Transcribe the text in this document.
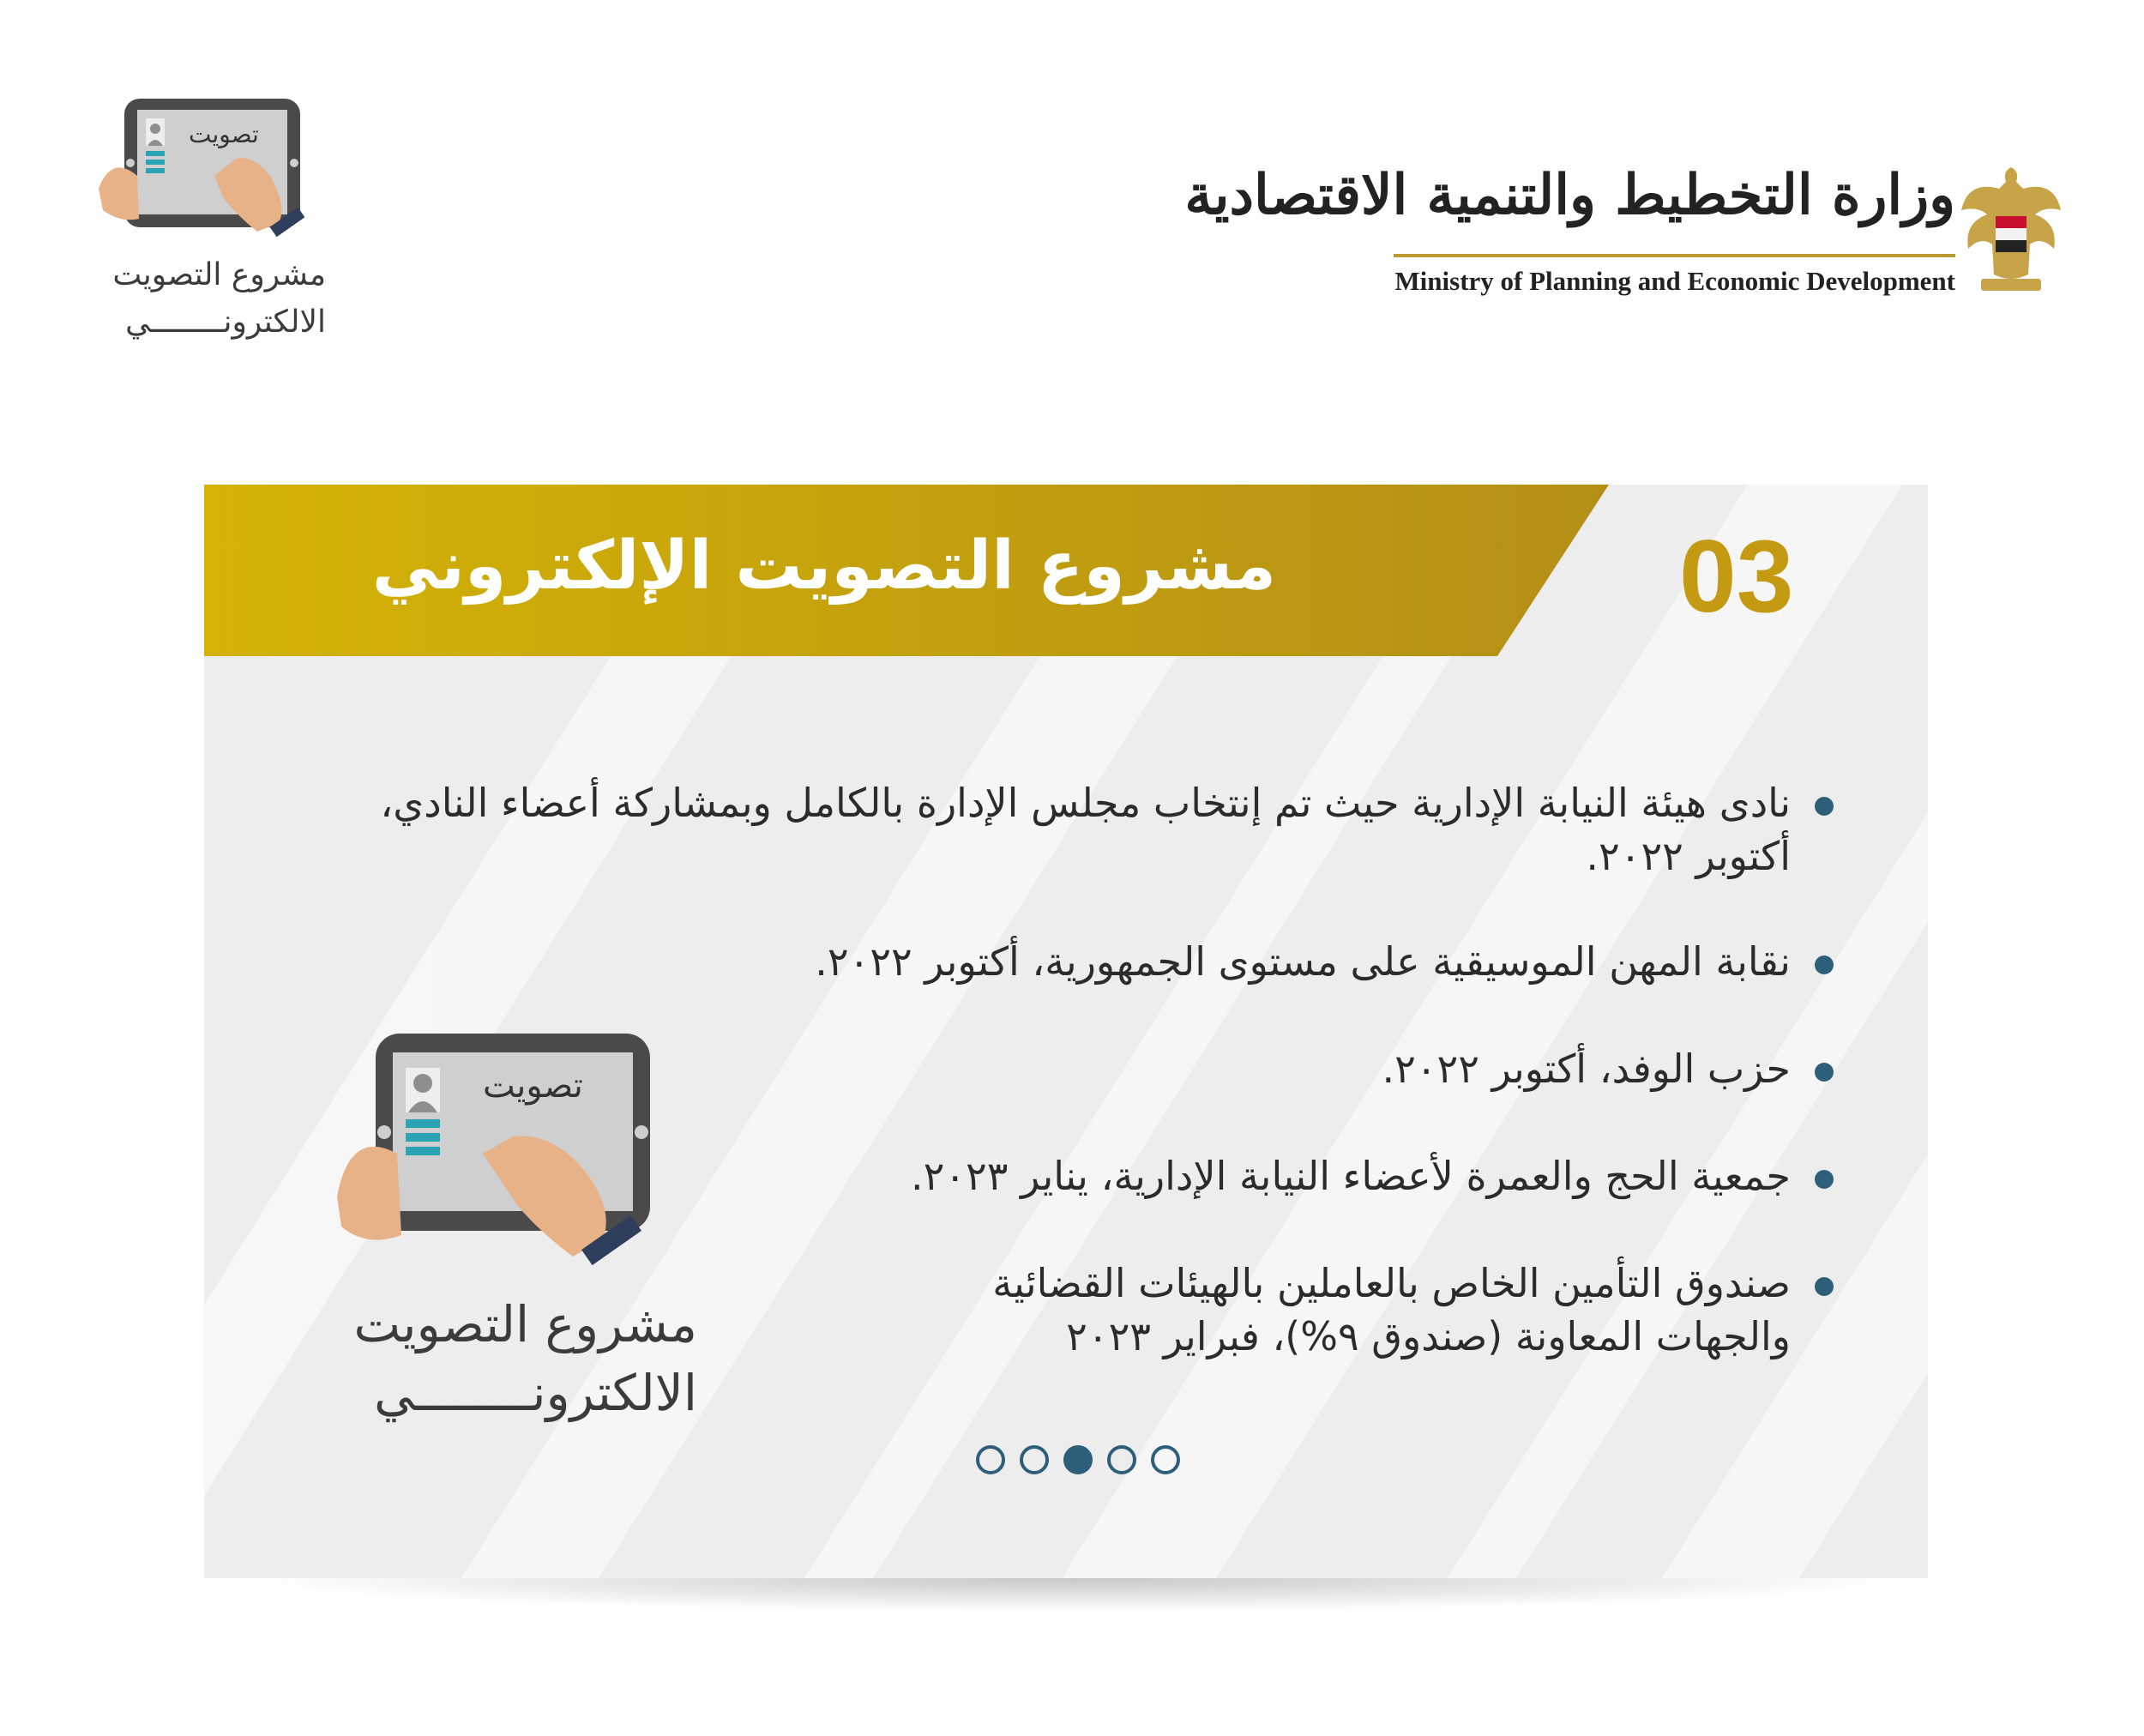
تصويت
مشروع التصويت
الالكترونــــــــي
وزارة التخطيط والتنمية الاقتصادية
Ministry of Planning and Economic Development
مشروع التصويت الإلكتروني	03
نادى هيئة النيابة الإدارية حيث تم إنتخاب مجلس الإدارة بالكامل وبمشاركة أعضاء النادي، أكتوبر ٢٠٢٢.
نقابة المهن الموسيقية على مستوى الجمهورية، أكتوبر ٢٠٢٢.
حزب الوفد، أكتوبر ٢٠٢٢.
جمعية الحج والعمرة لأعضاء النيابة الإدارية، يناير ٢٠٢٣.
صندوق التأمين الخاص بالعاملين بالهيئات القضائية والجهات المعاونة (صندوق ٩%)، فبراير ٢٠٢٣
تصويت
مشروع التصويت
الالكترونــــــــي
